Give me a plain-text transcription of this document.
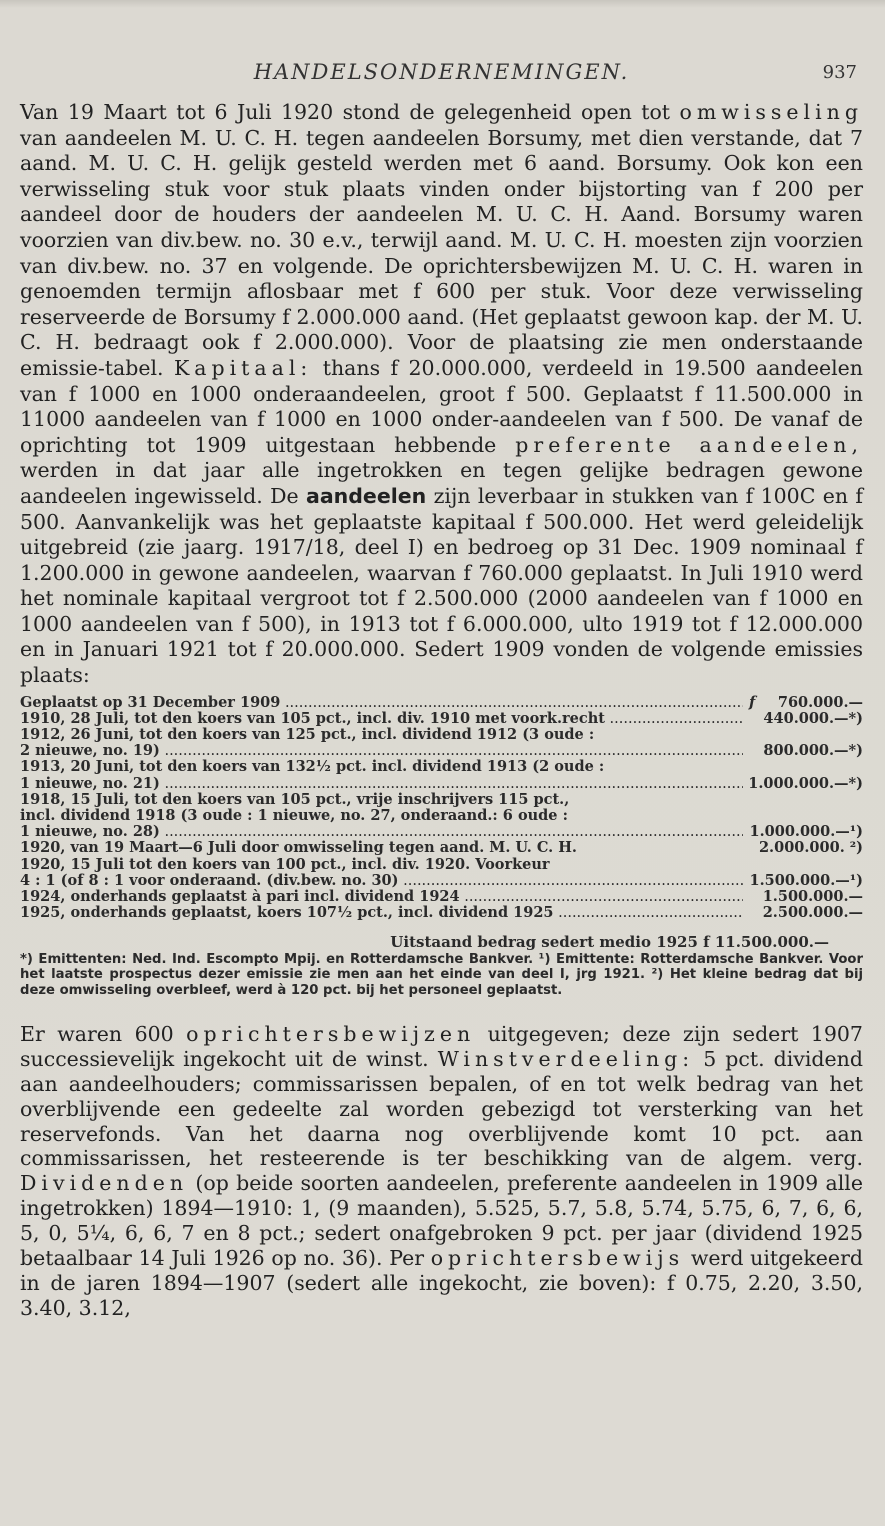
HANDELSONDERNEMINGEN.	937

Van 19 Maart tot 6 Juli 1920 stond de gelegenheid open tot omwisseling van aandeelen M. U. C. H. tegen aandeelen Borsumy, met dien verstande, dat 7 aand. M. U. C. H. gelijk gesteld werden met 6 aand. Borsumy. Ook kon een verwisseling stuk voor stuk plaats vinden onder bijstorting van f 200 per aandeel door de houders der aandeelen M. U. C. H. Aand. Borsumy waren voorzien van div.bew. no. 30 e.v., terwijl aand. M. U. C. H. moesten zijn voorzien van div.bew. no. 37 en volgende. De oprichtersbewijzen M. U. C. H. waren in genoemden termijn aflosbaar met f 600 per stuk. Voor deze verwisseling reserveerde de Borsumy f 2.000.000 aand. (Het geplaatst gewoon kap. der M. U. C. H. bedraagt ook f 2.000.000). Voor de plaatsing zie men onderstaande emissie-tabel. Kapitaal: thans f 20.000.000, verdeeld in 19.500 aandeelen van f 1000 en 1000 onderaandeelen, groot f 500. Geplaatst f 11.500.000 in 11000 aandeelen van f 1000 en 1000 onder-aandeelen van f 500. De vanaf de oprichting tot 1909 uitgestaan hebbende preferente aandeelen, werden in dat jaar alle ingetrokken en tegen gelijke bedragen gewone aandeelen ingewisseld. De aandeelen zijn leverbaar in stukken van f 100C en f 500. Aanvankelijk was het geplaatste kapitaal f 500.000. Het werd geleidelijk uitgebreid (zie jaarg. 1917/18, deel I) en bedroeg op 31 Dec. 1909 nominaal f 1.200.000 in gewone aandeelen, waarvan f 760.000 geplaatst. In Juli 1910 werd het nominale kapitaal vergroot tot f 2.500.000 (2000 aandeelen van f 1000 en 1000 aandeelen van f 500), in 1913 tot f 6.000.000, ulto 1919 tot f 12.000.000 en in Januari 1921 tot f 20.000.000. Sedert 1909 vonden de volgende emissies plaats:

Geplaatst op 31 December 1909 .....	f 760.000.—
1910, 28 Juli, tot den koers van 105 pct., incl. div. 1910 met voork.recht .....	440.000.—*)
1912, 26 Juni, tot den koers van 125 pct., incl. dividend 1912 (3 oude :
2 nieuwe, no. 19) .....	800.000.—*)
1913, 20 Juni, tot den koers van 132½ pct. incl. dividend 1913 (2 oude :
1 nieuwe, no. 21) .....	1.000.000.—*)
1918, 15 Juli, tot den koers van 105 pct., vrije inschrijvers 115 pct.,
incl. dividend 1918 (3 oude : 1 nieuwe, no. 27, onderaand.: 6 oude :
1 nieuwe, no. 28) .....	1.000.000.—¹)
1920, van 19 Maart—6 Juli door omwisseling tegen aand. M. U. C. H.	2.000.000. ²)
1920, 15 Juli tot den koers van 100 pct., incl. div. 1920. Voorkeur
4 : 1 (of 8 : 1 voor onderaand. (div.bew. no. 30) .....	1.500.000.—¹)
1924, onderhands geplaatst à pari incl. dividend 1924 .....	1.500.000.—
1925, onderhands geplaatst, koers 107½ pct., incl. dividend 1925 .....	2.500.000.—
Uitstaand bedrag sedert medio 1925 f 11.500.000.—
*) Emittenten: Ned. Ind. Escompto Mpij. en Rotterdamsche Bankver. ¹) Emittente: Rotterdamsche Bankver. Voor het laatste prospectus dezer emissie zie men aan het einde van deel I, jrg 1921. ²) Het kleine bedrag dat bij deze omwisseling overbleef, werd à 120 pct. bij het personeel geplaatst.

Er waren 600 oprichtersbewijzen uitgegeven; deze zijn sedert 1907 successievelijk ingekocht uit de winst. Winstverdeeling: 5 pct. dividend aan aandeelhouders; commissarissen bepalen, of en tot welk bedrag van het overblijvende een gedeelte zal worden gebezigd tot versterking van het reservefonds. Van het daarna nog overblijvende komt 10 pct. aan commissarissen, het resteerende is ter beschikking van de algem. verg. Dividenden (op beide soorten aandeelen, preferente aandeelen in 1909 alle ingetrokken) 1894—1910: 1, (9 maanden), 5.525, 5.7, 5.8, 5.74, 5.75, 6, 7, 6, 6, 5, 0, 5¼, 6, 6, 7 en 8 pct.; sedert onafgebroken 9 pct. per jaar (dividend 1925 betaalbaar 14 Juli 1926 op no. 36). Per oprichtersbewijs werd uitgekeerd in de jaren 1894—1907 (sedert alle ingekocht, zie boven): f 0.75, 2.20, 3.50, 3.40, 3.12,
